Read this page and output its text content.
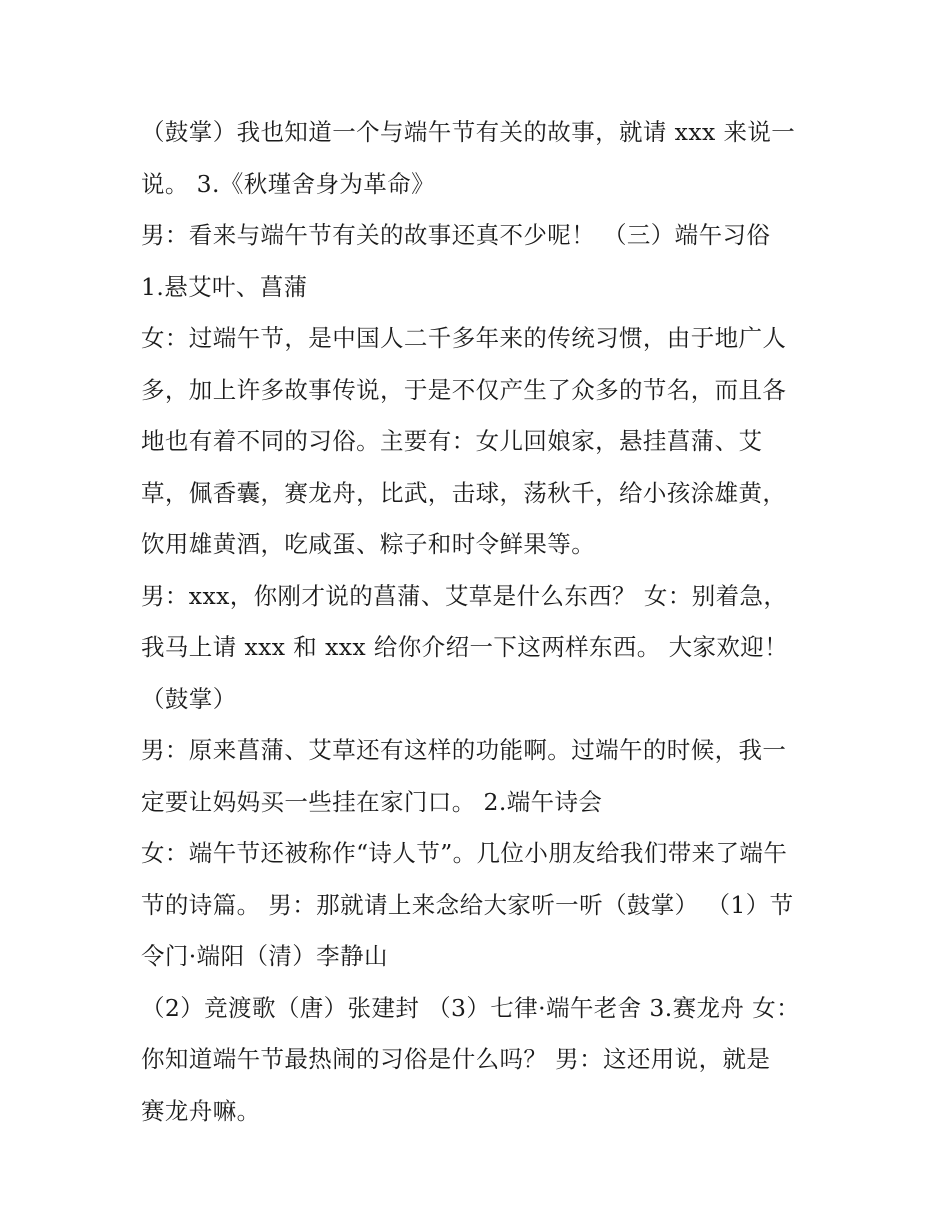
（鼓掌）我也知道一个与端午节有关的故事，就请 xxx 来说一
说。 3.《秋瑾舍身为革命》
男：看来与端午节有关的故事还真不少呢！ （三）端午习俗
1.悬艾叶、菖蒲
女：过端午节，是中国人二千多年来的传统习惯，由于地广人
多，加上许多故事传说，于是不仅产生了众多的节名，而且各
地也有着不同的习俗。主要有：女儿回娘家，悬挂菖蒲、艾
草，佩香囊，赛龙舟，比武，击球，荡秋千，给小孩涂雄黄，
饮用雄黄酒，吃咸蛋、粽子和时令鲜果等。
男：xxx，你刚才说的菖蒲、艾草是什么东西？ 女：别着急，
我马上请 xxx 和 xxx 给你介绍一下这两样东西。 大家欢迎！
（鼓掌）
男：原来菖蒲、艾草还有这样的功能啊。过端午的时候，我一
定要让妈妈买一些挂在家门口。 2.端午诗会
女：端午节还被称作“诗人节”。几位小朋友给我们带来了端午
节的诗篇。 男：那就请上来念给大家听一听（鼓掌） （1）节
令门·端阳（清）李静山
（2）竞渡歌（唐）张建封 （3）七律·端午老舍 3.赛龙舟 女：
你知道端午节最热闹的习俗是什么吗？ 男：这还用说，就是
赛龙舟嘛。
